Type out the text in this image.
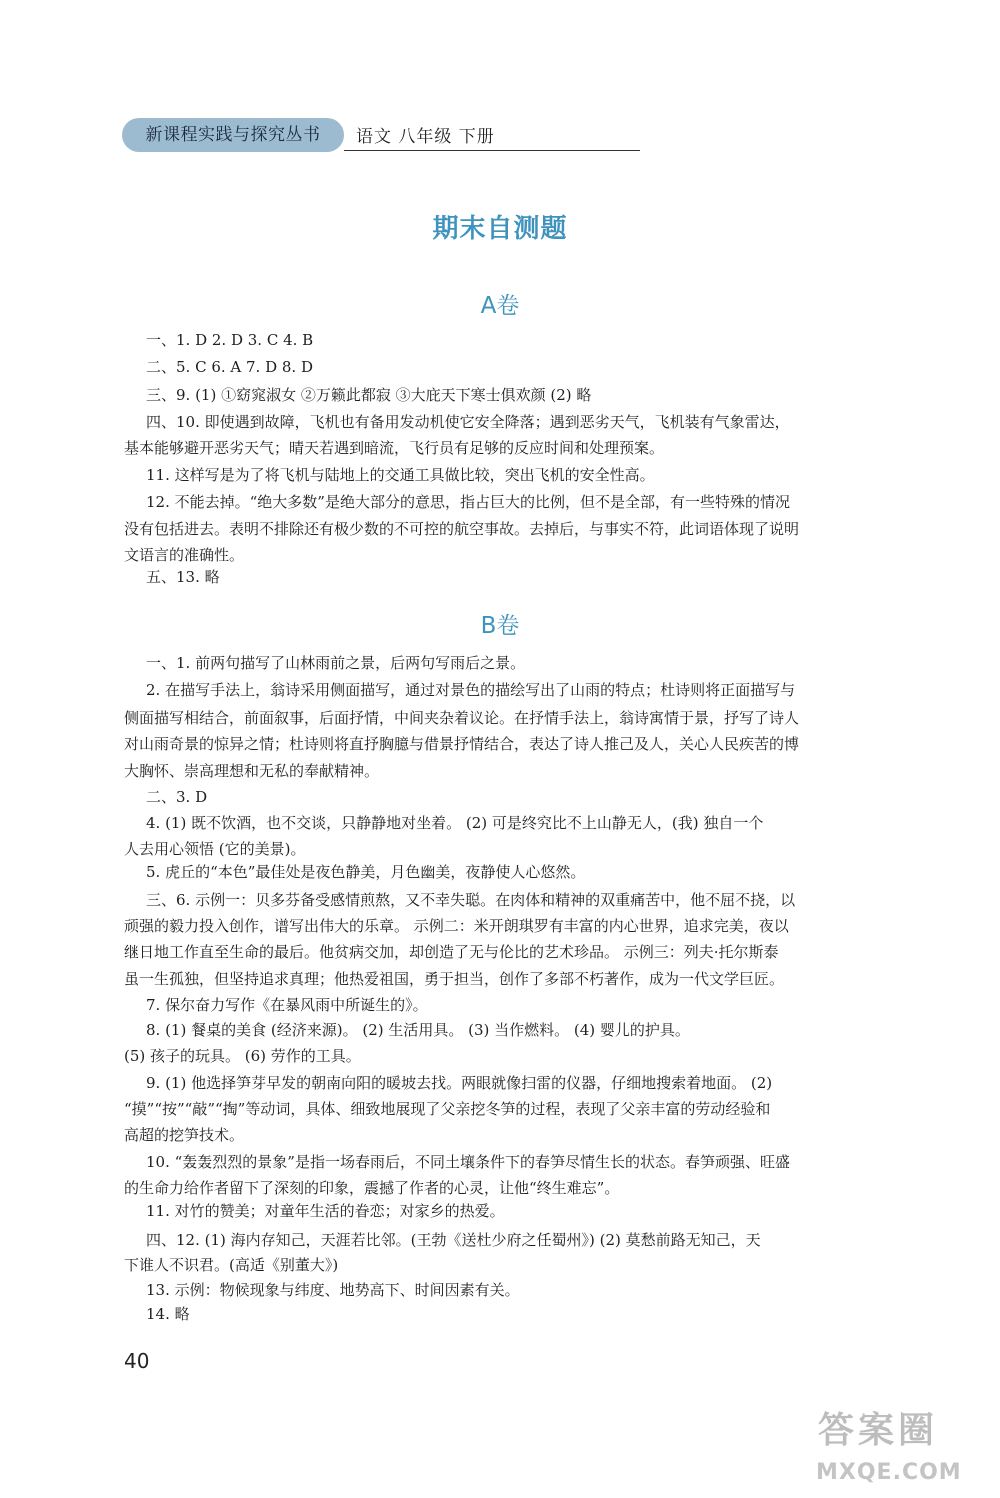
新课程实践与探究丛书	语文 八年级 下册
期末自测题
A卷
一、1. D 2. D 3. C 4. B
二、5. C 6. A 7. D 8. D
三、9. (1) ①窈窕淑女 ②万籁此都寂 ③大庇天下寒士俱欢颜 (2) 略
四、10. 即使遇到故障，飞机也有备用发动机使它安全降落；遇到恶劣天气，飞机装有气象雷达，
基本能够避开恶劣天气；晴天若遇到暗流，飞行员有足够的反应时间和处理预案。
11. 这样写是为了将飞机与陆地上的交通工具做比较，突出飞机的安全性高。
12. 不能去掉。“绝大多数”是绝大部分的意思，指占巨大的比例，但不是全部，有一些特殊的情况
没有包括进去。表明不排除还有极少数的不可控的航空事故。去掉后，与事实不符，此词语体现了说明
文语言的准确性。
五、13. 略
B卷
一、1. 前两句描写了山林雨前之景，后两句写雨后之景。
2. 在描写手法上，翁诗采用侧面描写，通过对景色的描绘写出了山雨的特点；杜诗则将正面描写与
侧面描写相结合，前面叙事，后面抒情，中间夹杂着议论。在抒情手法上，翁诗寓情于景，抒写了诗人
对山雨奇景的惊异之情；杜诗则将直抒胸臆与借景抒情结合，表达了诗人推己及人，关心人民疾苦的博
大胸怀、崇高理想和无私的奉献精神。
二、3. D
4. (1) 既不饮酒，也不交谈，只静静地对坐着。 (2) 可是终究比不上山静无人，(我) 独自一个
人去用心领悟 (它的美景)。
5. 虎丘的“本色”最佳处是夜色静美，月色幽美，夜静使人心悠然。
三、6. 示例一：贝多芬备受感情煎熬，又不幸失聪。在肉体和精神的双重痛苦中，他不屈不挠，以
顽强的毅力投入创作，谱写出伟大的乐章。 示例二：米开朗琪罗有丰富的内心世界，追求完美，夜以
继日地工作直至生命的最后。他贫病交加，却创造了无与伦比的艺术珍品。 示例三：列夫·托尔斯泰
虽一生孤独，但坚持追求真理；他热爱祖国，勇于担当，创作了多部不朽著作，成为一代文学巨匠。
7. 保尔奋力写作《在暴风雨中所诞生的》。
8. (1) 餐桌的美食 (经济来源)。 (2) 生活用具。 (3) 当作燃料。 (4) 婴儿的护具。
(5) 孩子的玩具。 (6) 劳作的工具。
9. (1) 他选择笋芽早发的朝南向阳的暖坡去找。两眼就像扫雷的仪器，仔细地搜索着地面。 (2)
“摸”“按”“敲”“掏”等动词，具体、细致地展现了父亲挖冬笋的过程，表现了父亲丰富的劳动经验和
高超的挖笋技术。
10. “轰轰烈烈的景象”是指一场春雨后，不同土壤条件下的春笋尽情生长的状态。春笋顽强、旺盛
的生命力给作者留下了深刻的印象，震撼了作者的心灵，让他“终生难忘”。
11. 对竹的赞美；对童年生活的眷恋；对家乡的热爱。
四、12. (1) 海内存知己，天涯若比邻。(王勃《送杜少府之任蜀州》) (2) 莫愁前路无知己，天
下谁人不识君。(高适《别董大》)
13. 示例：物候现象与纬度、地势高下、时间因素有关。
14. 略
40
答案圈
MXQE.COM
